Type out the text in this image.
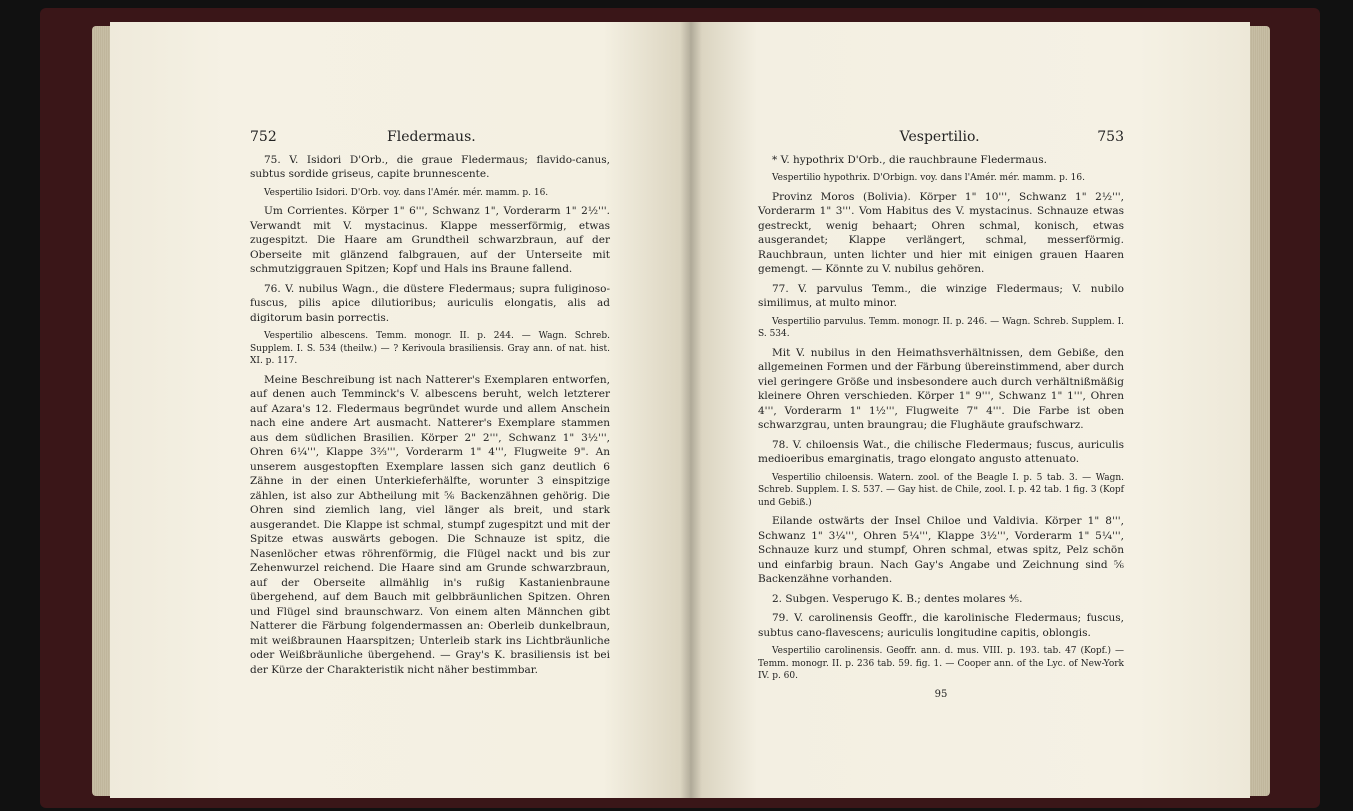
752	Fledermaus.

75. V. Isidori D'Orb., die graue Fledermaus; flavido-canus, subtus sordide griseus, capite brunnescente.

Vespertilio Isidori. D'Orb. voy. dans l'Amér. mér. mamm. p. 16.

Um Corrientes. Körper 1" 6''', Schwanz 1", Vorderarm 1" 2½'''. Verwandt mit V. mystacinus. Klappe messerförmig, etwas zugespitzt. Die Haare am Grundtheil schwarzbraun, auf der Oberseite mit glänzend falbgrauen, auf der Unterseite mit schmutziggrauen Spitzen; Kopf und Hals ins Braune fallend.

76. V. nubilus Wagn., die düstere Fledermaus; supra fuliginoso-fuscus, pilis apice dilutioribus; auriculis elongatis, alis ad digitorum basin porrectis.

Vespertilio albescens. Temm. monogr. II. p. 244. — Wagn. Schreb. Supplem. I. S. 534 (theilw.) — ? Kerivoula brasiliensis. Gray ann. of nat. hist. XI. p. 117.

Meine Beschreibung ist nach Natterer's Exemplaren entworfen, auf denen auch Temminck's V. albescens beruht, welch letzterer auf Azara's 12. Fledermaus begründet wurde und allem Anschein nach eine andere Art ausmacht. Natterer's Exemplare stammen aus dem südlichen Brasilien. Körper 2" 2''', Schwanz 1" 3½''', Ohren 6¼''', Klappe 3⅔''', Vorderarm 1" 4''', Flugweite 9". An unserem ausgestopften Exemplare lassen sich ganz deutlich 6 Zähne in der einen Unterkieferhälfte, worunter 3 einspitzige zählen, ist also zur Abtheilung mit ⅚ Backenzähnen gehörig. Die Ohren sind ziemlich lang, viel länger als breit, und stark ausgerandet. Die Klappe ist schmal, stumpf zugespitzt und mit der Spitze etwas auswärts gebogen. Die Schnauze ist spitz, die Nasenlöcher etwas röhrenförmig, die Flügel nackt und bis zur Zehenwurzel reichend. Die Haare sind am Grunde schwarzbraun, auf der Oberseite allmählig in's rußig Kastanienbraune übergehend, auf dem Bauch mit gelbbräunlichen Spitzen. Ohren und Flügel sind braunschwarz. Von einem alten Männchen gibt Natterer die Färbung folgendermassen an: Oberleib dunkelbraun, mit weißbraunen Haarspitzen; Unterleib stark ins Lichtbräunliche oder Weißbräunliche übergehend. — Gray's K. brasiliensis ist bei der Kürze der Charakteristik nicht näher bestimmbar.

Vespertilio.	753

* V. hypothrix D'Orb., die rauchbraune Fledermaus.

Vespertilio hypothrix. D'Orbign. voy. dans l'Amér. mér. mamm. p. 16.

Provinz Moros (Bolivia). Körper 1" 10''', Schwanz 1" 2½''', Vorderarm 1" 3'''. Vom Habitus des V. mystacinus. Schnauze etwas gestreckt, wenig behaart; Ohren schmal, konisch, etwas ausgerandet; Klappe verlängert, schmal, messerförmig. Rauchbraun, unten lichter und hier mit einigen grauen Haaren gemengt. — Könnte zu V. nubilus gehören.

77. V. parvulus Temm., die winzige Fledermaus; V. nubilo similimus, at multo minor.

Vespertilio parvulus. Temm. monogr. II. p. 246. — Wagn. Schreb. Supplem. I. S. 534.

Mit V. nubilus in den Heimathsverhältnissen, dem Gebiße, den allgemeinen Formen und der Färbung übereinstimmend, aber durch viel geringere Größe und insbesondere auch durch verhältnißmäßig kleinere Ohren verschieden. Körper 1" 9''', Schwanz 1" 1''', Ohren 4''', Vorderarm 1" 1½''', Flugweite 7" 4'''. Die Farbe ist oben schwarzgrau, unten braungrau; die Flughäute graufschwarz.

78. V. chiloensis Wat., die chilische Fledermaus; fuscus, auriculis medioeribus emarginatis, trago elongato angusto attenuato.

Vespertilio chiloensis. Watern. zool. of the Beagle I. p. 5 tab. 3. — Wagn. Schreb. Supplem. I. S. 537. — Gay hist. de Chile, zool. I. p. 42 tab. 1 fig. 3 (Kopf und Gebiß.)

Eilande ostwärts der Insel Chiloe und Valdivia. Körper 1" 8''', Schwanz 1" 3¼''', Ohren 5¼''', Klappe 3½''', Vorderarm 1" 5¼''', Schnauze kurz und stumpf, Ohren schmal, etwas spitz, Pelz schön und einfarbig braun. Nach Gay's Angabe und Zeichnung sind ⅚ Backenzähne vorhanden.

2. Subgen. Vesperugo K. B.; dentes molares ⅘.

79. V. carolinensis Geoffr., die karolinische Fledermaus; fuscus, subtus cano-flavescens; auriculis longitudine capitis, oblongis.

Vespertilio carolinensis. Geoffr. ann. d. mus. VIII. p. 193. tab. 47 (Kopf.) — Temm. monogr. II. p. 236 tab. 59. fig. 1. — Cooper ann. of the Lyc. of New-York IV. p. 60.

95
